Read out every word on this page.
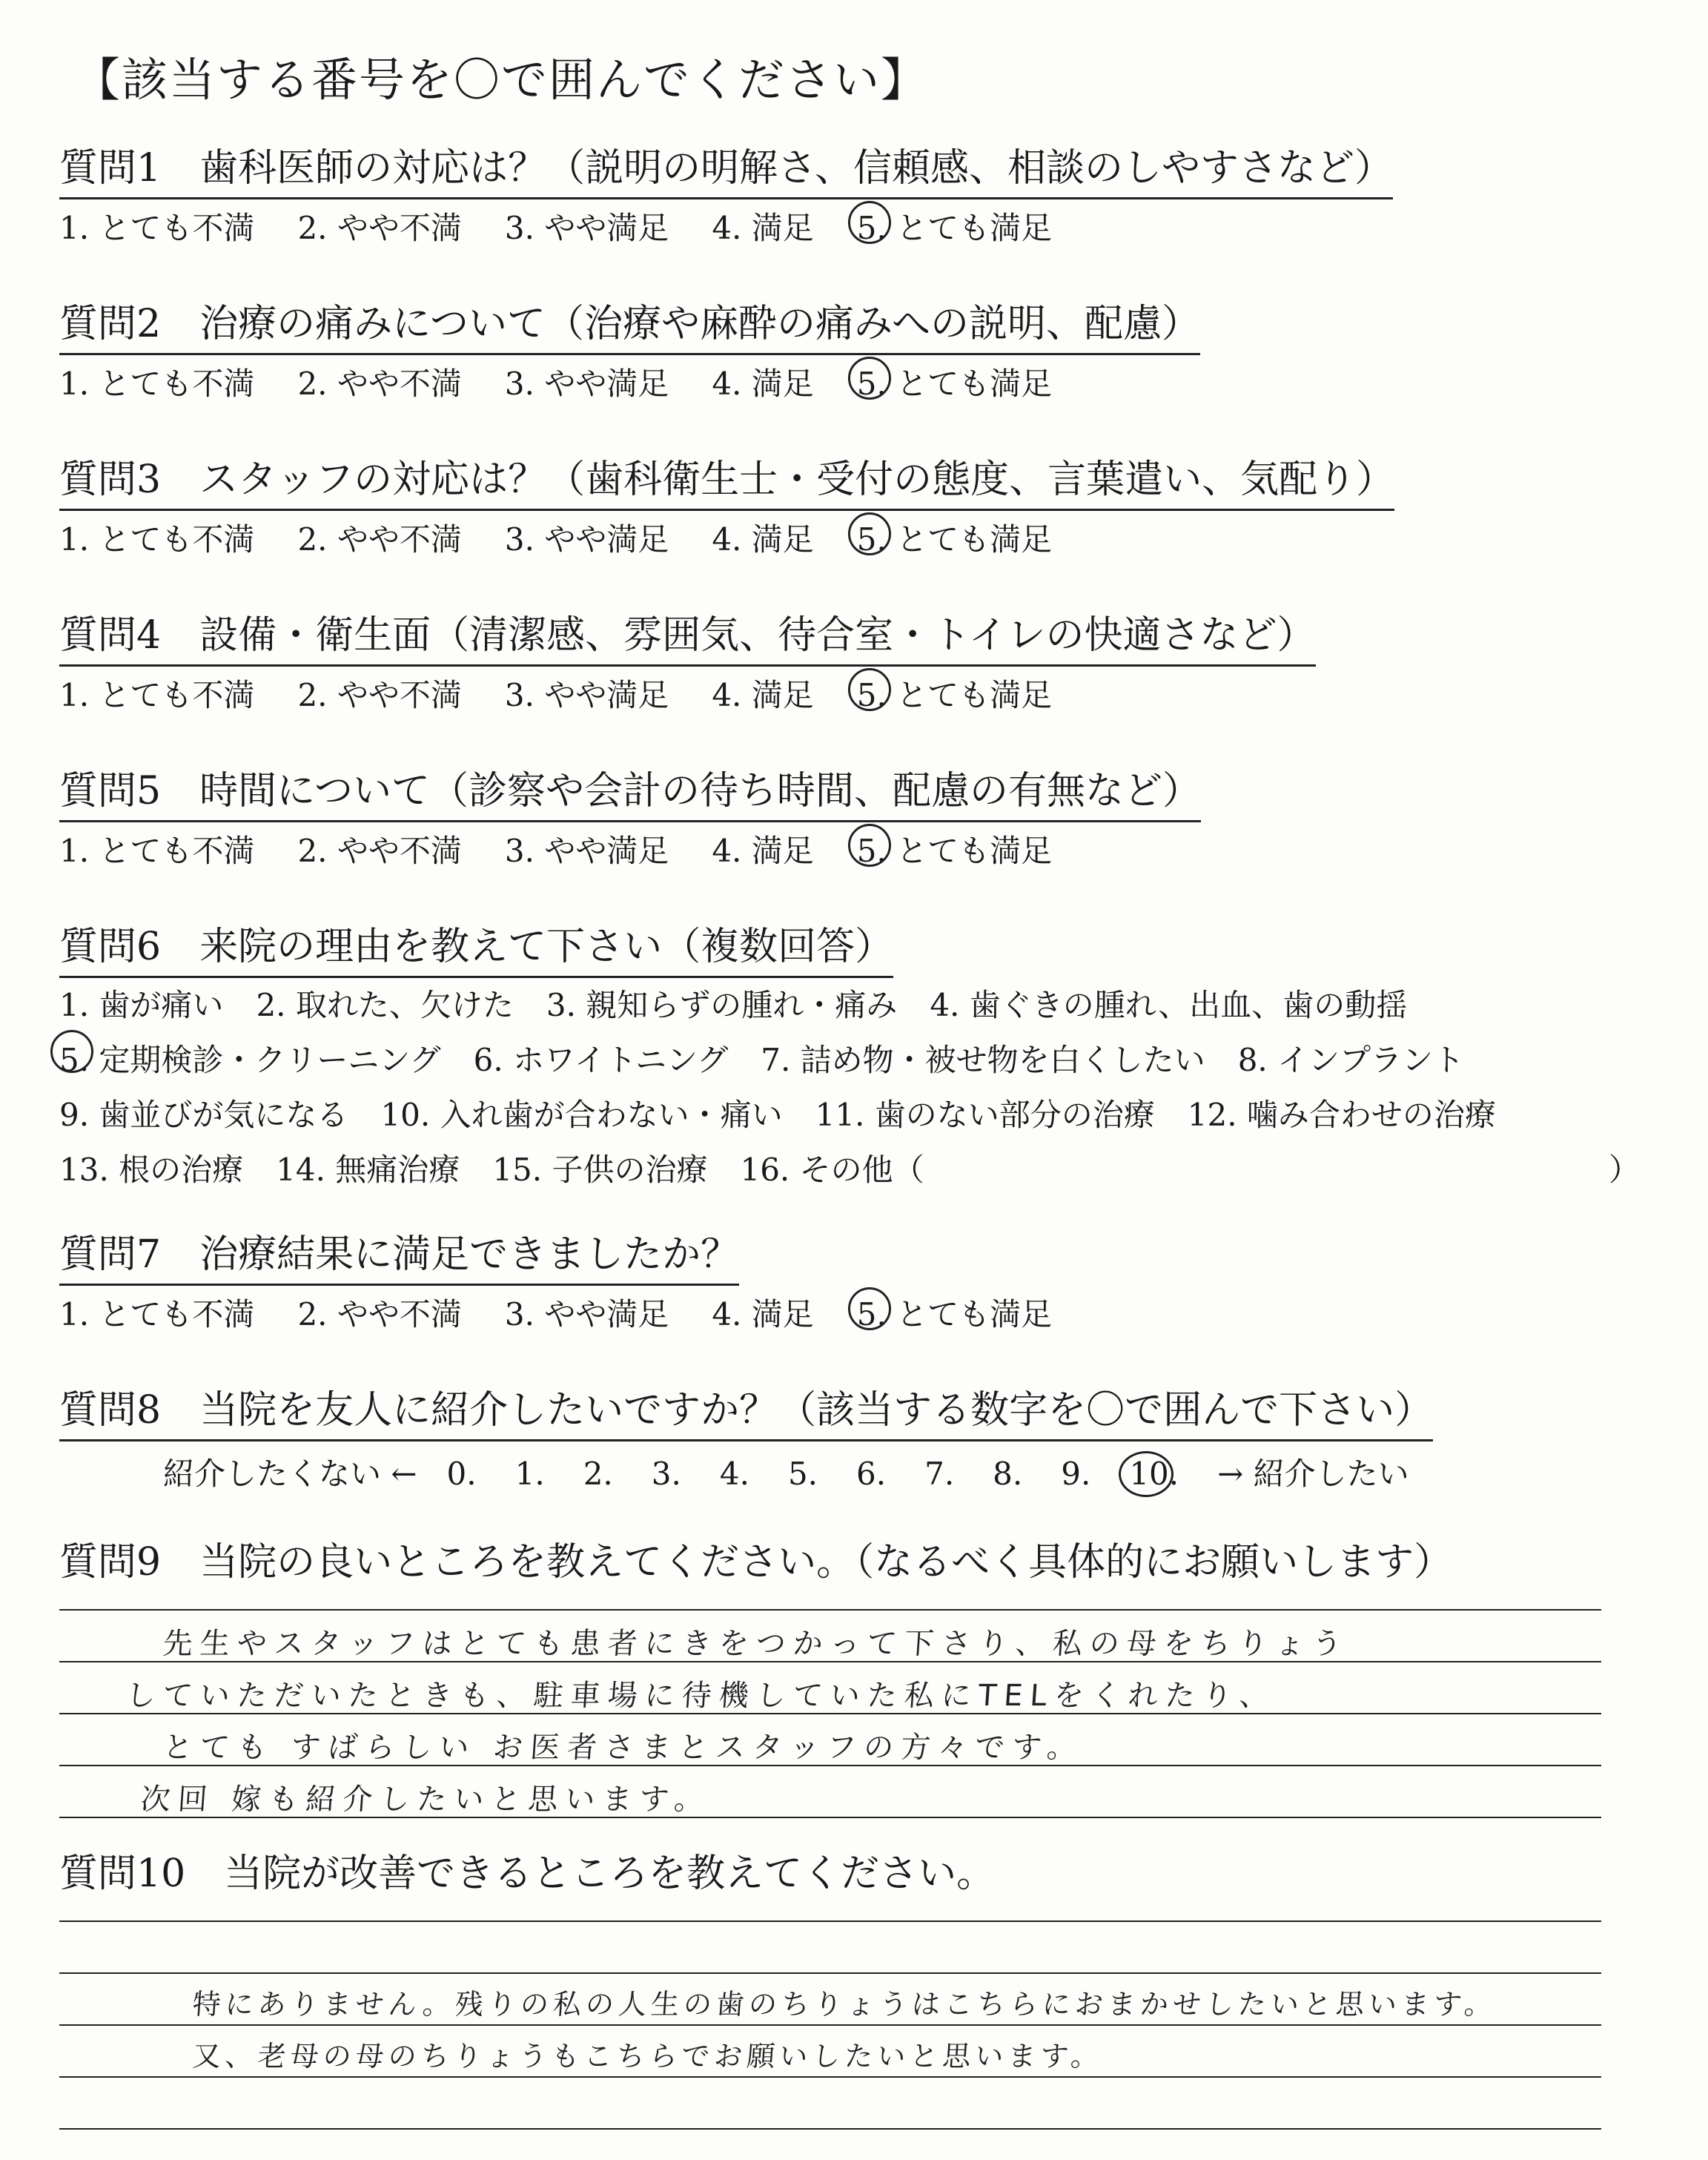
【該当する番号を〇で囲んでください】
質問1　歯科医師の対応は？（説明の明解さ、信頼感、相談のしやすさなど）
1. とても不満 2. やや不満 3. やや満足 4. 満足 5. とても満足
質問2　治療の痛みについて（治療や麻酔の痛みへの説明、配慮）
1. とても不満 2. やや不満 3. やや満足 4. 満足 5. とても満足
質問3　スタッフの対応は？（歯科衛生士・受付の態度、言葉遣い、気配り）
1. とても不満 2. やや不満 3. やや満足 4. 満足 5. とても満足
質問4　設備・衛生面（清潔感、雰囲気、待合室・トイレの快適さなど）
1. とても不満 2. やや不満 3. やや満足 4. 満足 5. とても満足
質問5　時間について（診察や会計の待ち時間、配慮の有無など）
1. とても不満 2. やや不満 3. やや満足 4. 満足 5. とても満足
質問6　来院の理由を教えて下さい（複数回答）
1. 歯が痛い 2. 取れた、欠けた 3. 親知らずの腫れ・痛み 4. 歯ぐきの腫れ、出血、歯の動揺
5. 定期検診・クリーニング 6. ホワイトニング 7. 詰め物・被せ物を白くしたい 8. インプラント
9. 歯並びが気になる 10. 入れ歯が合わない・痛い 11. 歯のない部分の治療 12. 噛み合わせの治療
13. 根の治療 14. 無痛治療 15. 子供の治療 16. その他（	）
質問7　治療結果に満足できましたか？
1. とても不満 2. やや不満 3. やや満足 4. 満足 5. とても満足
質問8　当院を友人に紹介したいですか？（該当する数字を〇で囲んで下さい）
紹介したくない ← 0. 1. 2. 3. 4. 5. 6. 7. 8. 9. 10. → 紹介したい
質問9　当院の良いところを教えてください。（なるべく具体的にお願いします）
先生やスタッフはとても患者にきをつかって下さり、私の母をちりょう
していただいたときも、駐車場に待機していた私にTELをくれたり、
とても すばらしい お医者さまとスタッフの方々です。
次回 嫁も紹介したいと思います。
質問10　当院が改善できるところを教えてください。
特にありません。残りの私の人生の歯のちりょうはこちらにおまかせしたいと思います。
又、老母の母のちりょうもこちらでお願いしたいと思います。
